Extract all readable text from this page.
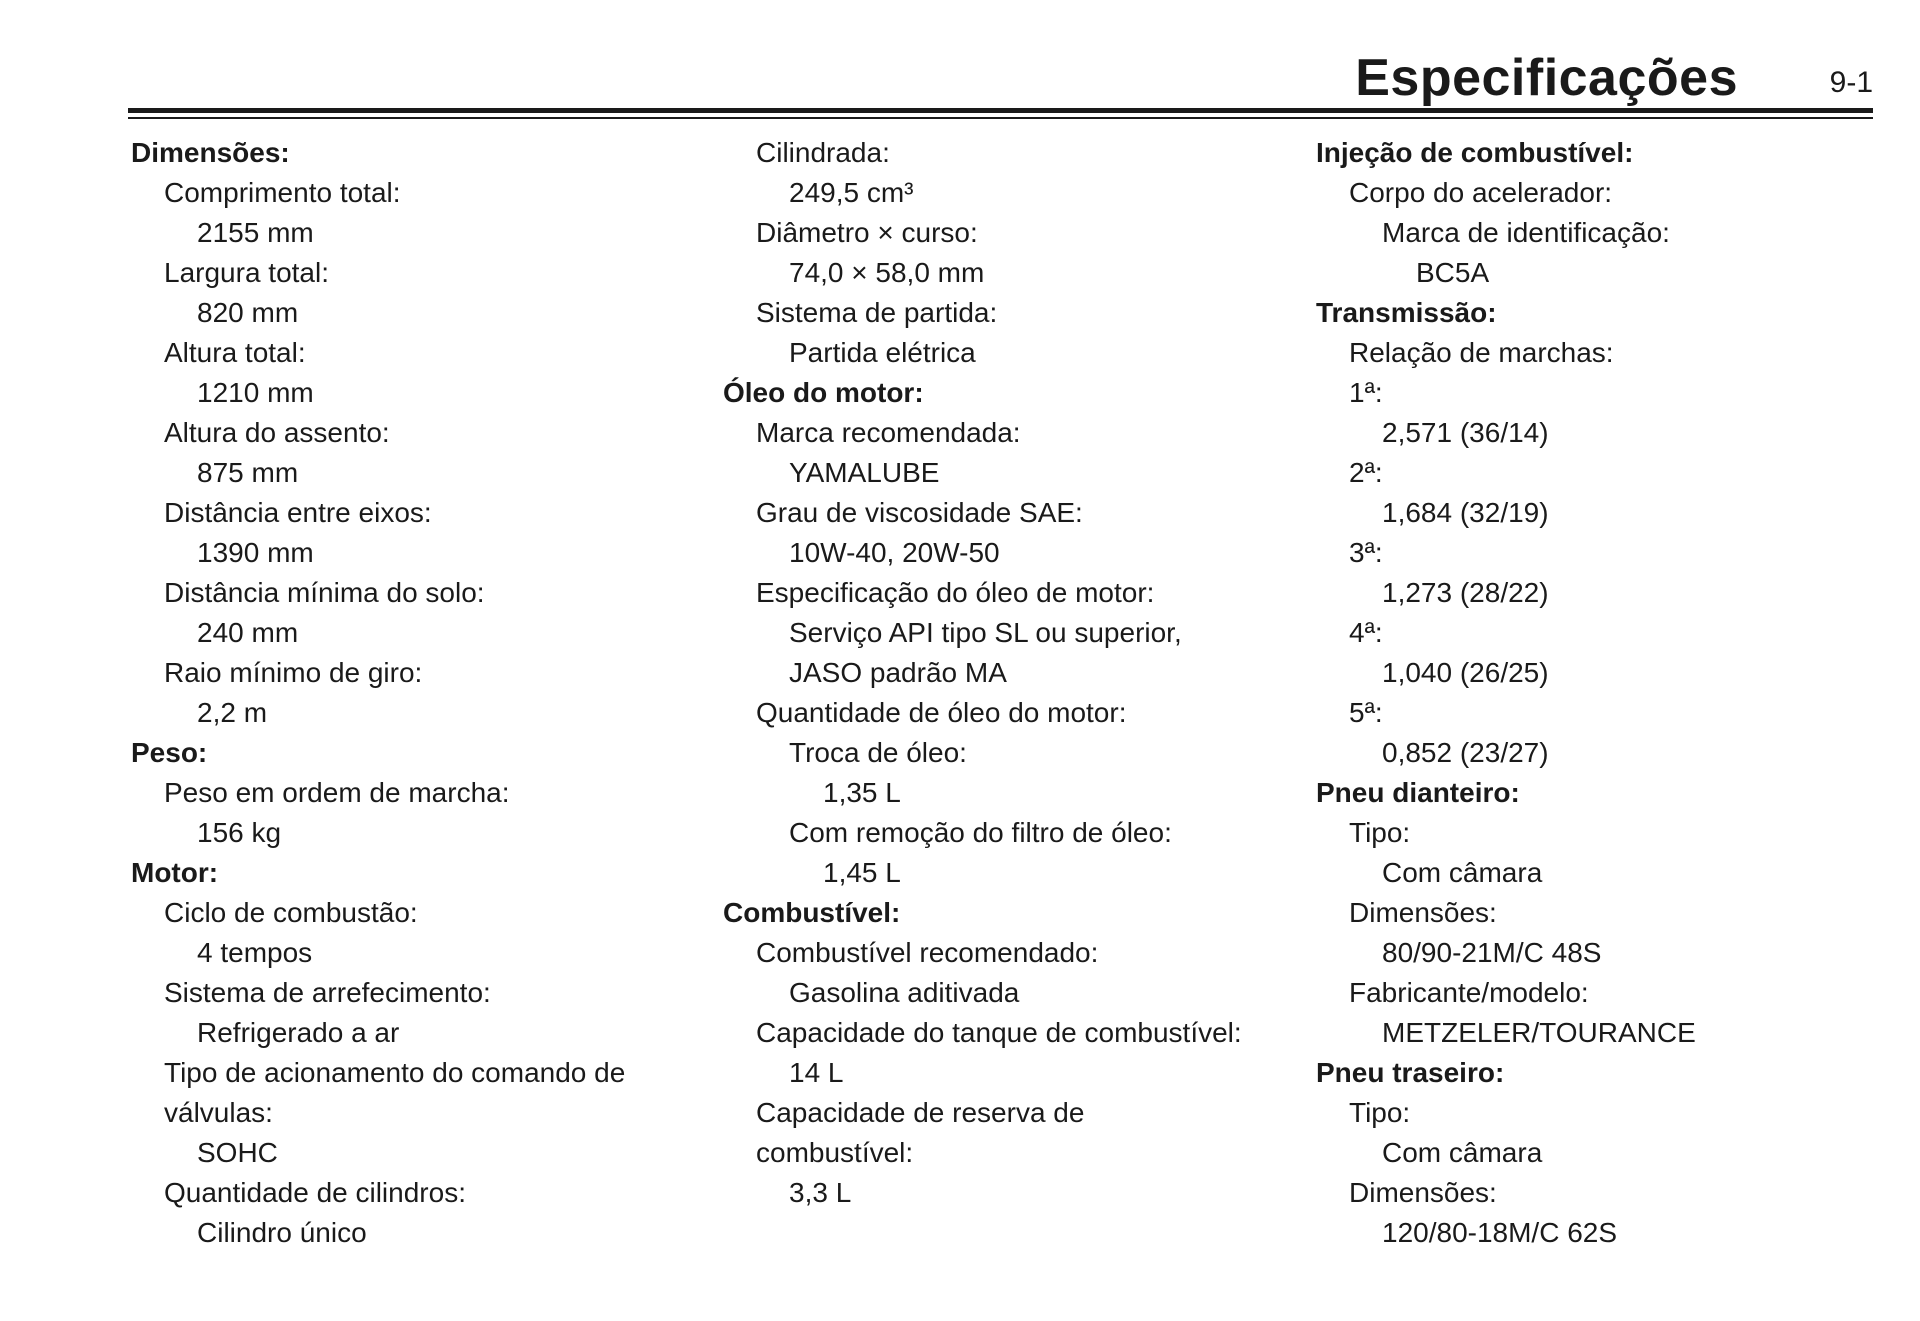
Especificações	9-1
Dimensões:
Comprimento total:
2155 mm
Largura total:
820 mm
Altura total:
1210 mm
Altura do assento:
875 mm
Distância entre eixos:
1390 mm
Distância mínima do solo:
240 mm
Raio mínimo de giro:
2,2 m
Peso:
Peso em ordem de marcha:
156 kg
Motor:
Ciclo de combustão:
4 tempos
Sistema de arrefecimento:
Refrigerado a ar
Tipo de acionamento do comando de
válvulas:
SOHC
Quantidade de cilindros:
Cilindro único
Cilindrada:
249,5 cm³
Diâmetro × curso:
74,0 × 58,0 mm
Sistema de partida:
Partida elétrica
Óleo do motor:
Marca recomendada:
YAMALUBE
Grau de viscosidade SAE:
10W-40, 20W-50
Especificação do óleo de motor:
Serviço API tipo SL ou superior,
JASO padrão MA
Quantidade de óleo do motor:
Troca de óleo:
1,35 L
Com remoção do filtro de óleo:
1,45 L
Combustível:
Combustível recomendado:
Gasolina aditivada
Capacidade do tanque de combustível:
14 L
Capacidade de reserva de
combustível:
3,3 L
Injeção de combustível:
Corpo do acelerador:
Marca de identificação:
BC5A
Transmissão:
Relação de marchas:
1ª:
2,571 (36/14)
2ª:
1,684 (32/19)
3ª:
1,273 (28/22)
4ª:
1,040 (26/25)
5ª:
0,852 (23/27)
Pneu dianteiro:
Tipo:
Com câmara
Dimensões:
80/90-21M/C 48S
Fabricante/modelo:
METZELER/TOURANCE
Pneu traseiro:
Tipo:
Com câmara
Dimensões:
120/80-18M/C 62S
